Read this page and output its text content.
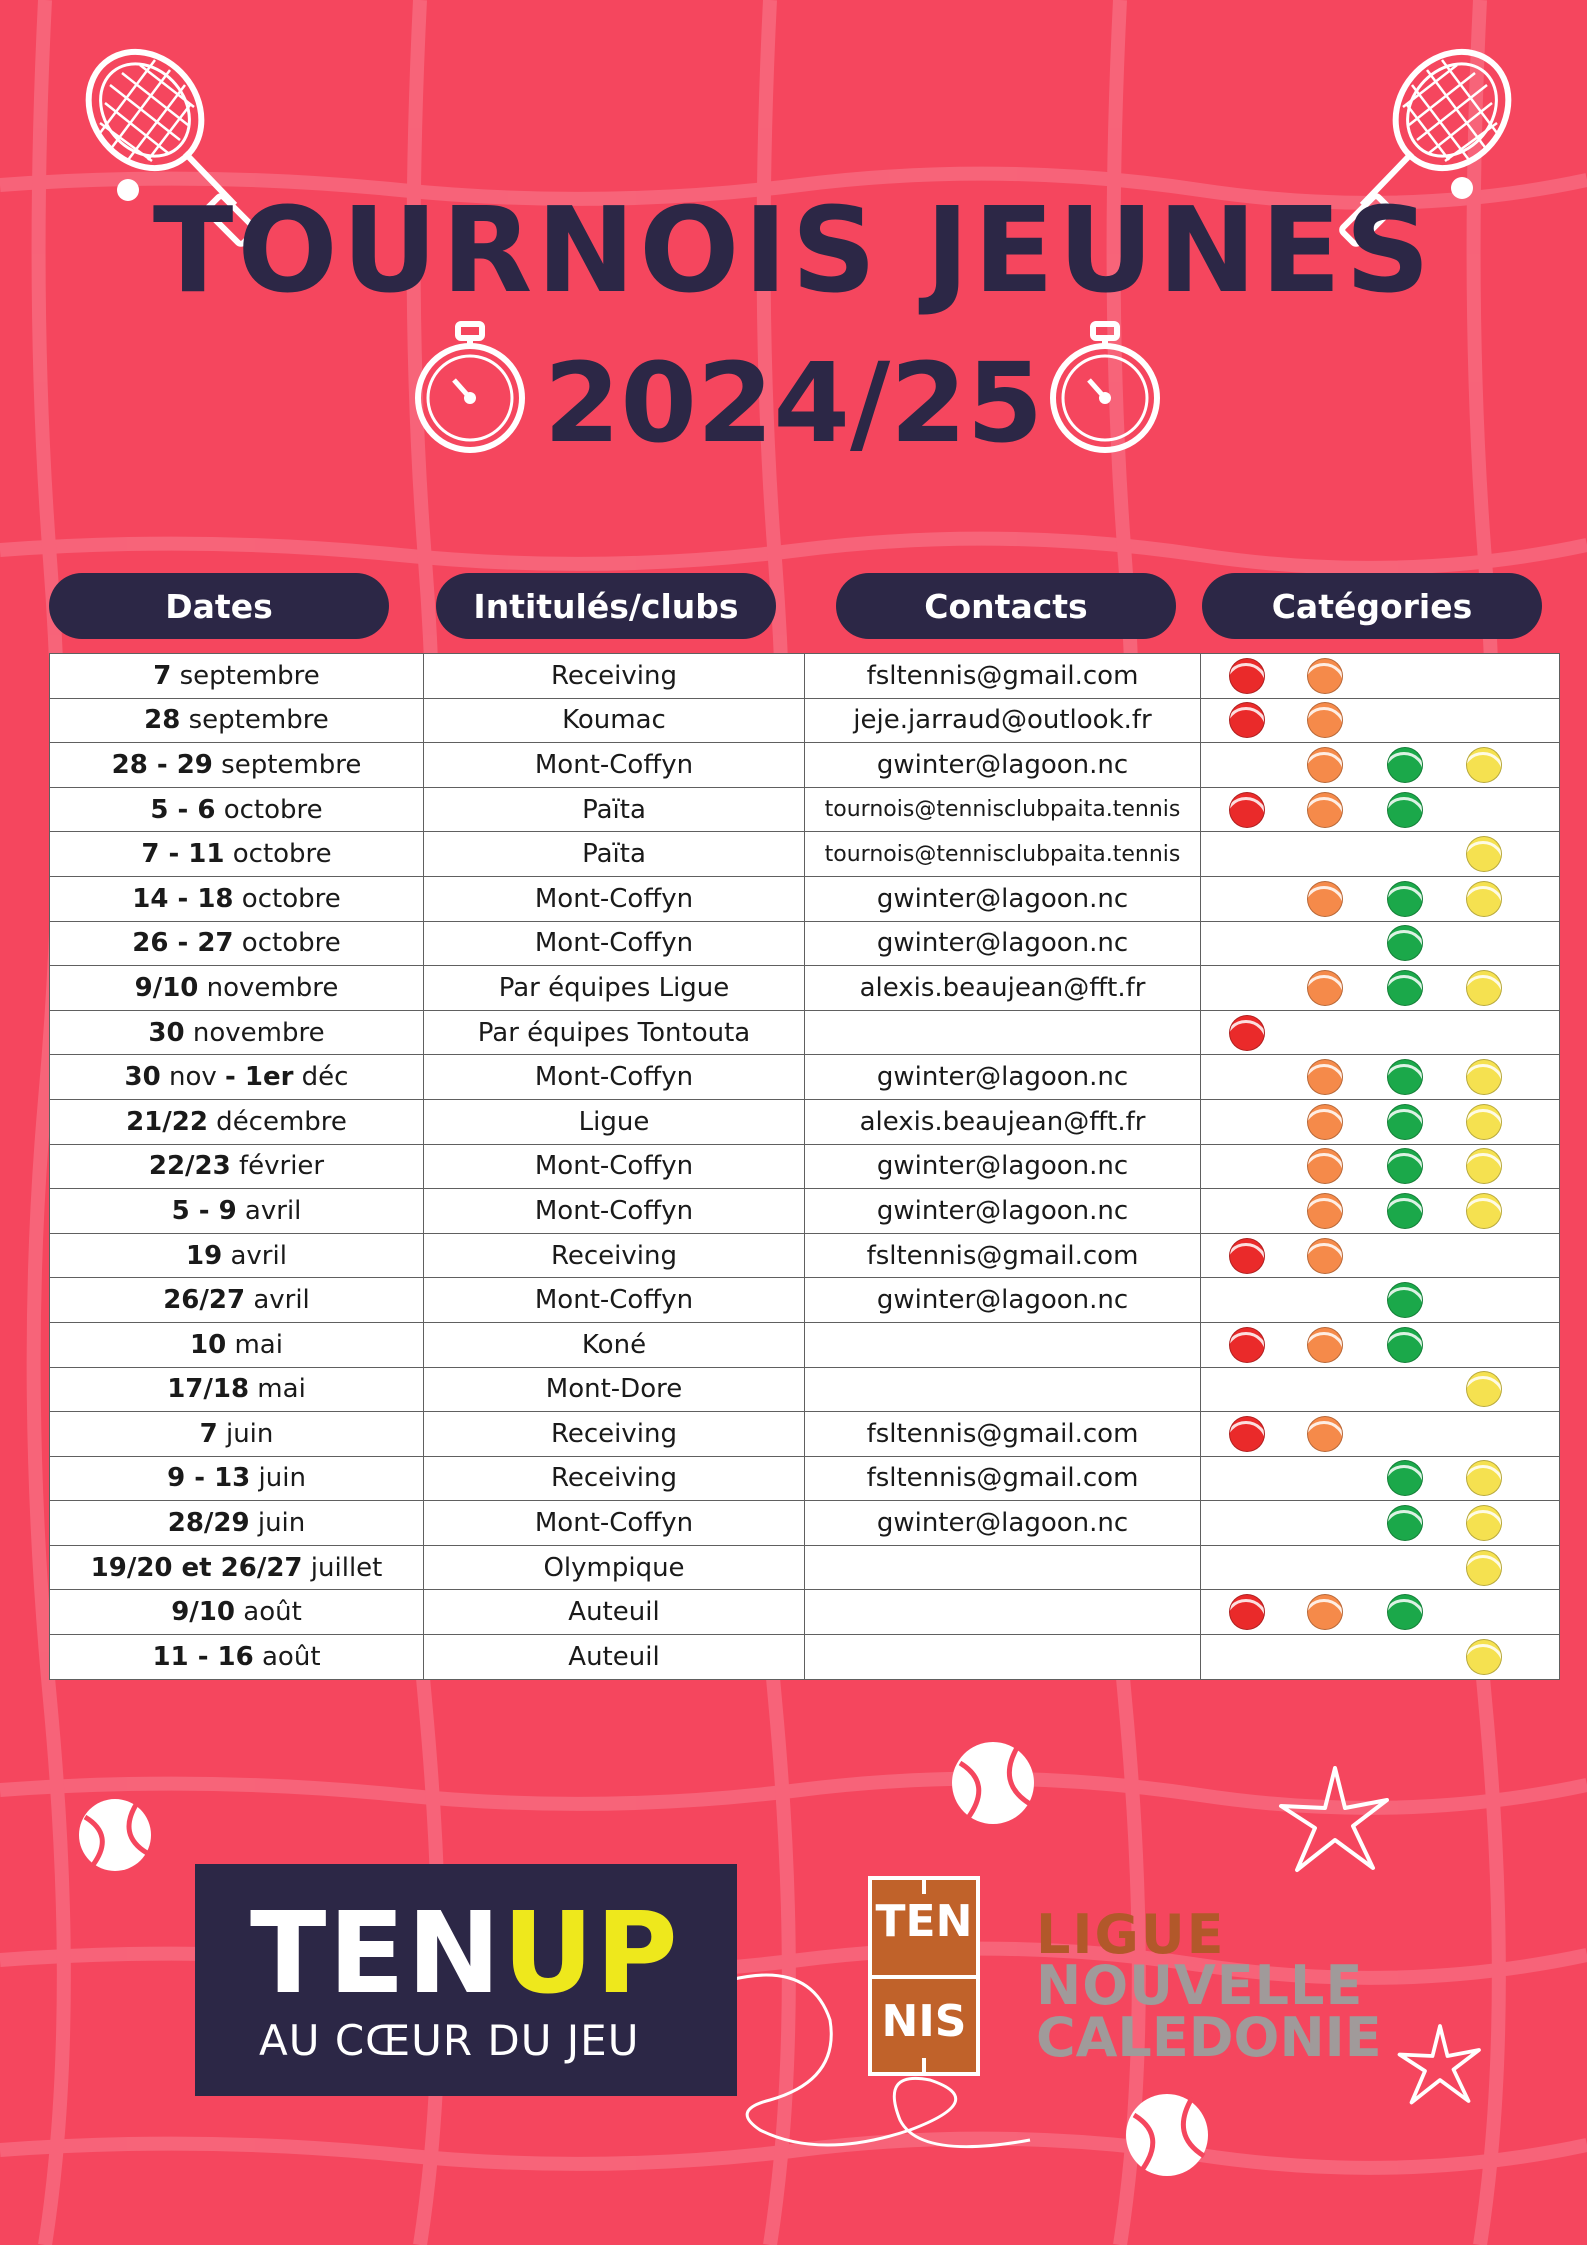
TOURNOIS JEUNES
2024/25
Dates	Intitulés/clubs	Contacts	Catégories
7 septembre	Receiving	fsltennis@gmail.com	

28 septembre	Koumac	jeje.jarraud@outlook.fr	

28 - 29 septembre	Mont-Coffyn	gwinter@lagoon.nc	

5 - 6 octobre	Païta	tournois@tennisclubpaita.tennis	

7 - 11 octobre	Païta	tournois@tennisclubpaita.tennis	

14 - 18 octobre	Mont-Coffyn	gwinter@lagoon.nc	

26 - 27 octobre	Mont-Coffyn	gwinter@lagoon.nc	

9/10 novembre	Par équipes Ligue	alexis.beaujean@fft.fr	

30 novembre	Par équipes Tontouta		

30 nov - 1er déc	Mont-Coffyn	gwinter@lagoon.nc	

21/22 décembre	Ligue	alexis.beaujean@fft.fr	

22/23 février	Mont-Coffyn	gwinter@lagoon.nc	

5 - 9 avril	Mont-Coffyn	gwinter@lagoon.nc	

19 avril	Receiving	fsltennis@gmail.com	

26/27 avril	Mont-Coffyn	gwinter@lagoon.nc	

10 mai	Koné		

17/18 mai	Mont-Dore		

7 juin	Receiving	fsltennis@gmail.com	

9 - 13 juin	Receiving	fsltennis@gmail.com	

28/29 juin	Mont-Coffyn	gwinter@lagoon.nc	

19/20 et 26/27 juillet	Olympique		

9/10 août	Auteuil		

11 - 16 août	Auteuil		
TENUP
AU CŒUR DU JEU
TEN
NIS
LIGUE
NOUVELLE
CALEDONIE
